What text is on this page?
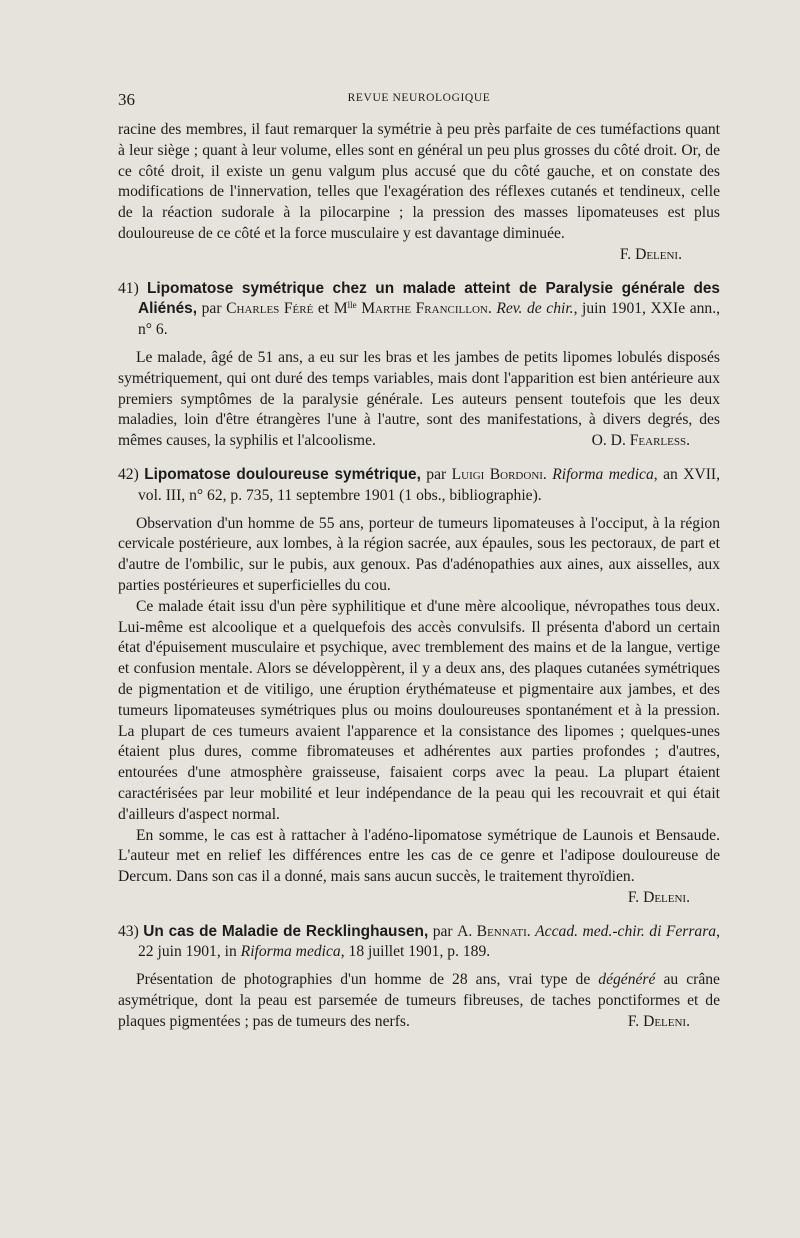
36	REVUE NEUROLOGIQUE

racine des membres, il faut remarquer la symétrie à peu près parfaite de ces tuméfactions quant à leur siège ; quant à leur volume, elles sont en général un peu plus grosses du côté droit. Or, de ce côté droit, il existe un genu valgum plus accusé que du côté gauche, et on constate des modifications de l'innervation, telles que l'exagération des réflexes cutanés et tendineux, celle de la réaction sudorale à la pilocarpine ; la pression des masses lipomateuses est plus douloureuse de ce côté et la force musculaire y est davantage diminuée.

F. Deleni.

41) Lipomatose symétrique chez un malade atteint de Paralysie générale des Aliénés, par Charles Féré et $M^{lle}$ Marthe Francillon. Rev. de chir., juin 1901, XXIe ann., n° 6.

Le malade, âgé de 51 ans, a eu sur les bras et les jambes de petits lipomes lobulés disposés symétriquement, qui ont duré des temps variables, mais dont l'apparition est bien antérieure aux premiers symptômes de la paralysie générale. Les auteurs pensent toutefois que les deux maladies, loin d'être étrangères l'une à l'autre, sont des manifestations, à divers degrés, des mêmes causes, la syphilis et l'alcoolisme.	O. D. Fearless.

42) Lipomatose douloureuse symétrique, par Luigi Bordoni. Riforma medica, an XVII, vol. III, n° 62, p. 735, 11 septembre 1901 (1 obs., bibliographie).

Observation d'un homme de 55 ans, porteur de tumeurs lipomateuses à l'occiput, à la région cervicale postérieure, aux lombes, à la région sacrée, aux épaules, sous les pectoraux, de part et d'autre de l'ombilic, sur le pubis, aux genoux. Pas d'adénopathies aux aines, aux aisselles, aux parties postérieures et superficielles du cou.

Ce malade était issu d'un père syphilitique et d'une mère alcoolique, névropathes tous deux. Lui-même est alcoolique et a quelquefois des accès convulsifs. Il présenta d'abord un certain état d'épuisement musculaire et psychique, avec tremblement des mains et de la langue, vertige et confusion mentale. Alors se développèrent, il y a deux ans, des plaques cutanées symétriques de pigmentation et de vitiligo, une éruption érythémateuse et pigmentaire aux jambes, et des tumeurs lipomateuses symétriques plus ou moins douloureuses spontanément et à la pression. La plupart de ces tumeurs avaient l'apparence et la consistance des lipomes ; quelques-unes étaient plus dures, comme fibromateuses et adhérentes aux parties profondes ; d'autres, entourées d'une atmosphère graisseuse, faisaient corps avec la peau. La plupart étaient caractérisées par leur mobilité et leur indépendance de la peau qui les recouvrait et qui était d'ailleurs d'aspect normal.

En somme, le cas est à rattacher à l'adéno-lipomatose symétrique de Launois et Bensaude. L'auteur met en relief les différences entre les cas de ce genre et l'adipose douloureuse de Dercum. Dans son cas il a donné, mais sans aucun succès, le traitement thyroïdien.
F. Deleni.

43) Un cas de Maladie de Recklinghausen, par A. Bennati. Accad. med.-chir. di Ferrara, 22 juin 1901, in Riforma medica, 18 juillet 1901, p. 189.

Présentation de photographies d'un homme de 28 ans, vrai type de dégénéré au crâne asymétrique, dont la peau est parsemée de tumeurs fibreuses, de taches ponctiformes et de plaques pigmentées ; pas de tumeurs des nerfs.	F. Deleni.
